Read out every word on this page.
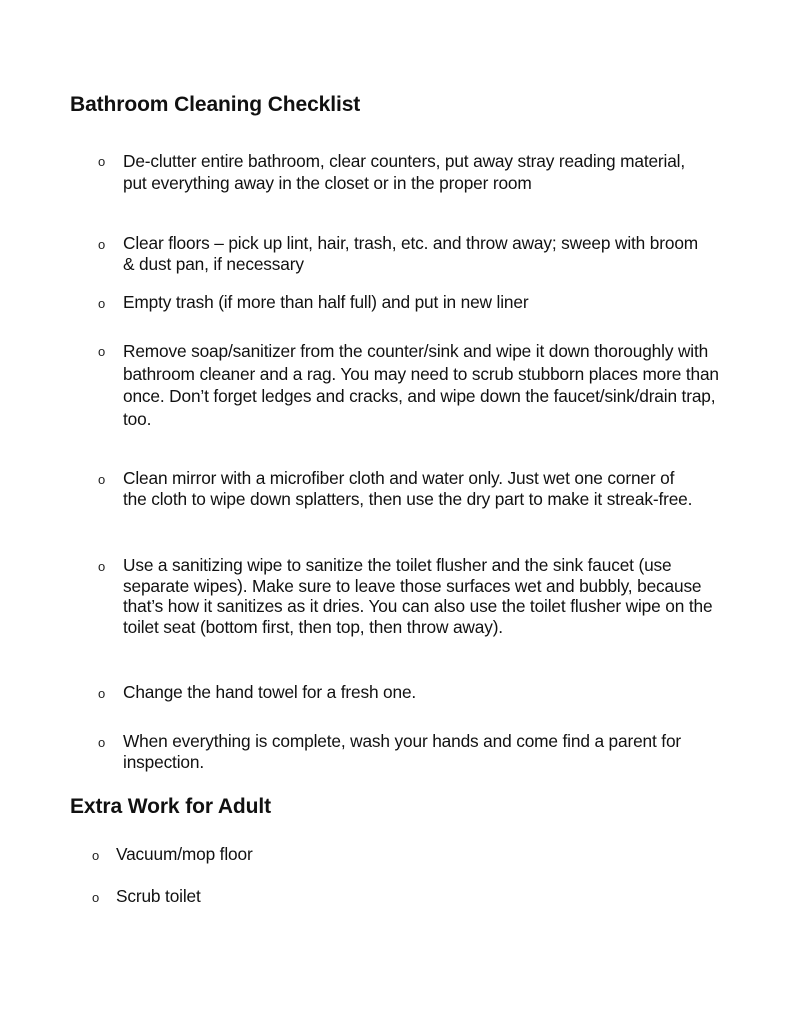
Bathroom Cleaning Checklist
o	De-clutter entire bathroom, clear counters, put away stray reading material, put everything away in the closet or in the proper room
o	Clear floors – pick up lint, hair, trash, etc. and throw away; sweep with broom & dust pan, if necessary
o	Empty trash (if more than half full) and put in new liner
o	Remove soap/sanitizer from the counter/sink and wipe it down thoroughly with bathroom cleaner and a rag. You may need to scrub stubborn places more than once. Don’t forget ledges and cracks, and wipe down the faucet/sink/drain trap, too.
o	Clean mirror with a microfiber cloth and water only. Just wet one corner of the cloth to wipe down splatters, then use the dry part to make it streak-free.
o	Use a sanitizing wipe to sanitize the toilet flusher and the sink faucet (use separate wipes). Make sure to leave those surfaces wet and bubbly, because that’s how it sanitizes as it dries. You can also use the toilet flusher wipe on the toilet seat (bottom first, then top, then throw away).
o	Change the hand towel for a fresh one.
o	When everything is complete, wash your hands and come find a parent for inspection.
Extra Work for Adult
o Vacuum/mop floor
o Scrub toilet
